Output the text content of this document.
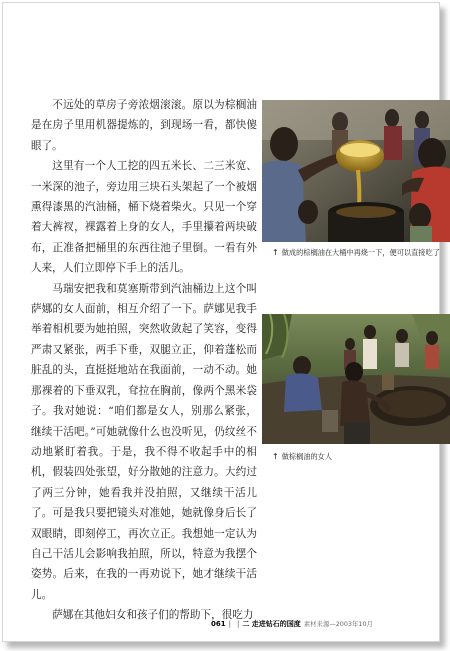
不远处的草房子旁浓烟滚滚。原以为棕榈油是在房子里用机器提炼的，到现场一看，都快傻眼了。

这里有一个人工挖的四五米长、二三米宽、一米深的池子，旁边用三块石头架起了一个被烟熏得漆黑的汽油桶，桶下烧着柴火。只见一个穿着大裤衩，裸露着上身的女人，手里攥着两块破布，正准备把桶里的东西往池子里倒。一看有外人来，人们立即停下手上的活儿。

马瑞安把我和莫塞斯带到汽油桶边上这个叫萨娜的女人面前，相互介绍了一下。萨娜见我手举着相机要为她拍照，突然收敛起了笑容，变得严肃又紧张，两手下垂，双腿立正，仰着蓬松而脏乱的头，直挺挺地站在我面前，一动不动。她那裸着的下垂双乳，耷拉在胸前，像两个黑米袋子。我对她说：“咱们都是女人，别那么紧张，继续干活吧。”可她就像什么也没听见，仍纹丝不动地紧盯着我。于是，我不得不收起手中的相机，假装四处张望，好分散她的注意力。大约过了两三分钟，她看我并没拍照，又继续干活儿了。可是我只要把镜头对准她，她就像身后长了双眼睛，即刻停工，再次立正。我想她一定认为自己干活儿会影响我拍照，所以，特意为我摆个姿势。后来，在我的一再劝说下，她才继续干活儿。

萨娜在其他妇女和孩子们的帮助下，很吃力

↑ 做成的棕榈油在大桶中再烧一下，便可以直接吃了
↑ 做棕榈油的女人
061 | | 二 走进钻石的国度 素材来源—2003年10月
